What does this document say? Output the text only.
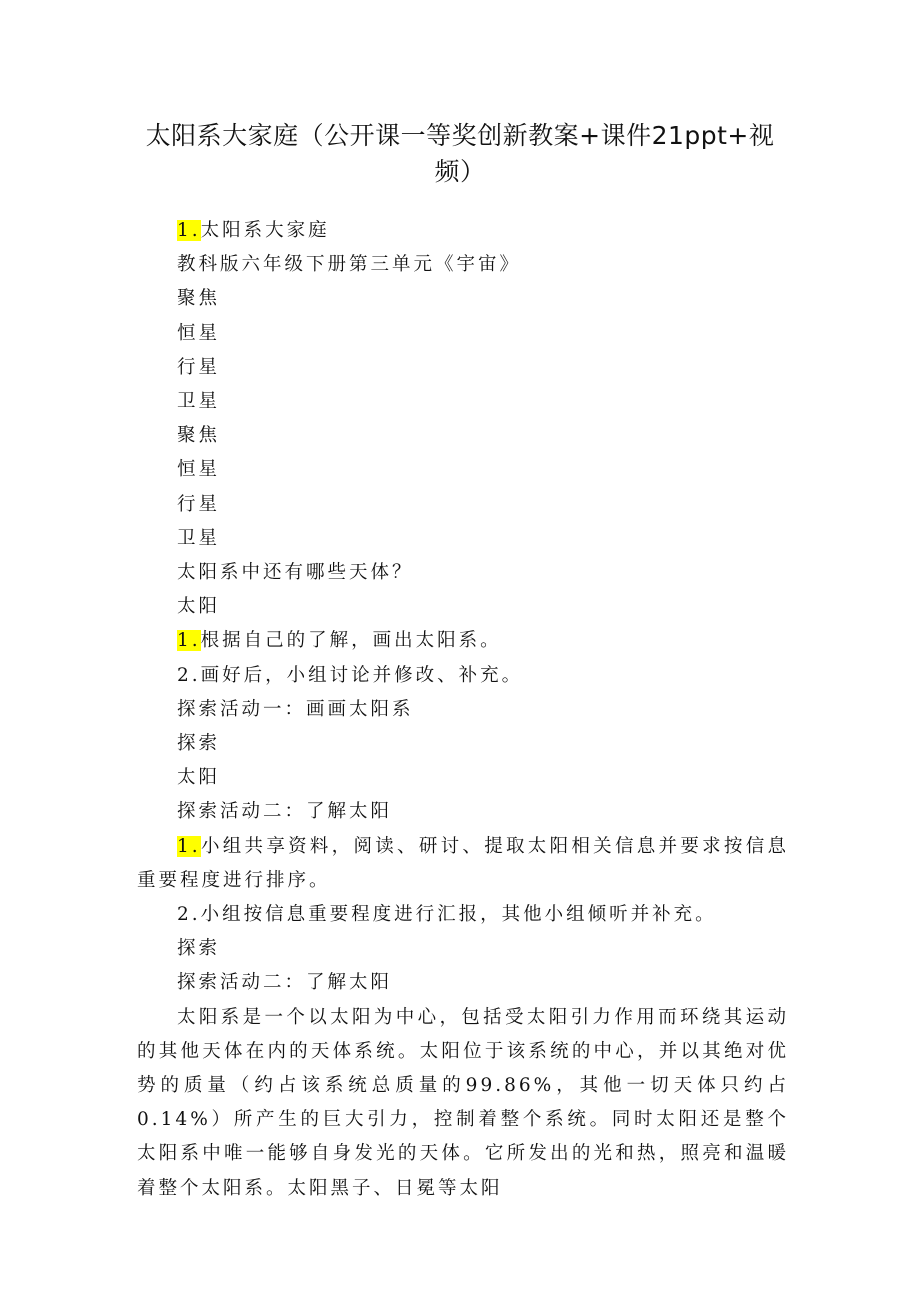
太阳系大家庭（公开课一等奖创新教案+课件21ppt+视频）

1.太阳系大家庭

教科版六年级下册第三单元《宇宙》

聚焦

恒星

行星

卫星

聚焦

恒星

行星

卫星

太阳系中还有哪些天体？

太阳

1.根据自己的了解，画出太阳系。

2.画好后，小组讨论并修改、补充。

探索活动一：画画太阳系

探索

太阳

探索活动二：了解太阳

1.小组共享资料，阅读、研讨、提取太阳相关信息并要求按信息重要程度进行排序。

2.小组按信息重要程度进行汇报，其他小组倾听并补充。

探索

探索活动二：了解太阳

太阳系是一个以太阳为中心，包括受太阳引力作用而环绕其运动的其他天体在内的天体系统。太阳位于该系统的中心，并以其绝对优势的质量（约占该系统总质量的99.86%，其他一切天体只约占0.14%）所产生的巨大引力，控制着整个系统。同时太阳还是整个太阳系中唯一能够自身发光的天体。它所发出的光和热，照亮和温暖着整个太阳系。太阳黑子、日冕等太阳
